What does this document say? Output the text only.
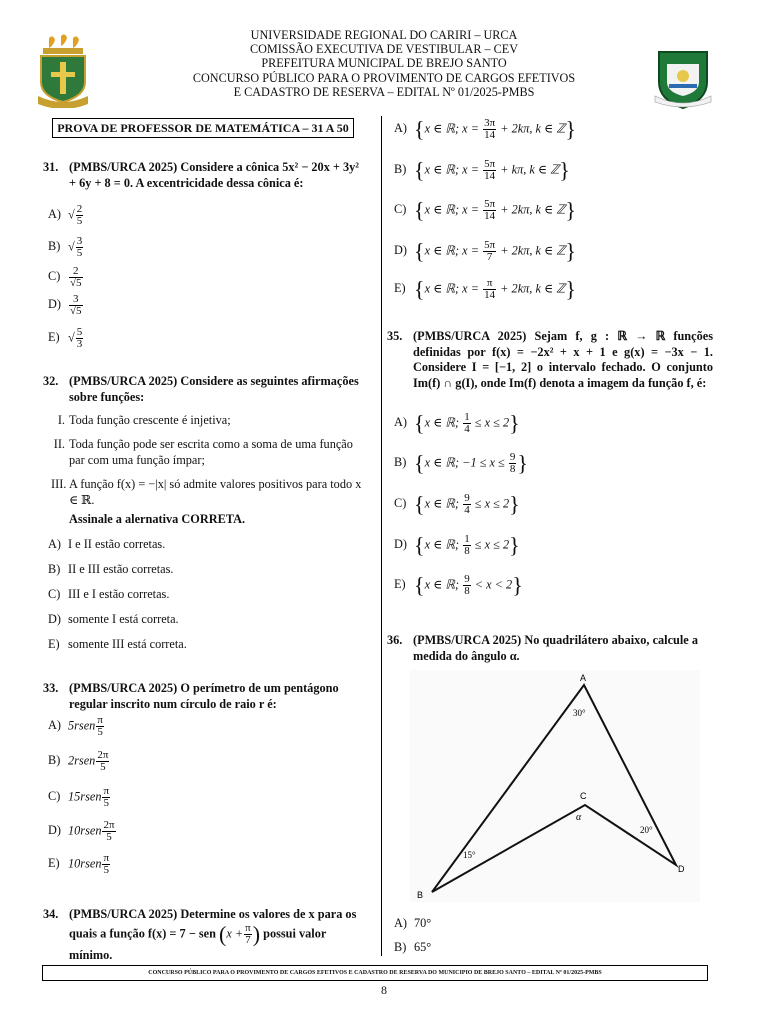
UNIVERSIDADE REGIONAL DO CARIRI – URCA
COMISSÃO EXECUTIVA DE VESTIBULAR – CEV
PREFEITURA MUNICIPAL DE BREJO SANTO
CONCURSO PÚBLICO PARA O PROVIMENTO DE CARGOS EFETIVOS
E CADASTRO DE RESERVA – EDITAL Nº 01/2025-PMBS
PROVA DE PROFESSOR DE MATEMÁTICA – 31 A 50
31. (PMBS/URCA 2025) Considere a cônica 5x² − 20x + 3y² + 6y + 8 = 0. A excentricidade dessa cônica é:
A) √ $\frac{2}{5}$
B) √ $\frac{3}{5}$
$C) \frac{2}{√5}$
$D) \frac{3}{√5}$
E) √ $\frac{5}{3}$
32. (PMBS/URCA 2025) Considere as seguintes afirmações sobre funções:
I. Toda função crescente é injetiva;
II. Toda função pode ser escrita como a soma de uma função par com uma função ímpar;
III. A função f(x) = −|x| só admite valores positivos para todo x ∈ ℝ.
Assinale a alernativa CORRETA.
A) I e II estão corretas.
B) II e III estão corretas.
C) III e I estão corretas.
D) somente I está correta.
E) somente III está correta.
33. (PMBS/URCA 2025) O perímetro de um pentágono regular inscrito num círculo de raio r é:
A) 5rsen $\frac{\pi}{5}$
B) 2rsen $\frac{2\pi}{5}$
C) 15rsen $\frac{\pi}{5}$
D) 10rsen $\frac{2\pi}{5}$
E) 10rsen $\frac{\pi}{5}$
34. (PMBS/URCA 2025) Determine os valores de x para os quais a função f(x) = 7 − sen ($x + \frac{\pi}{7}$ ) possui valor mínimo.
A) {x ∈ ℝ; $x = \frac{3\pi}{14} + 2k\pi$, k ∈ ℤ}
B) {x ∈ ℝ; $x = \frac{5\pi}{14} + k\pi$, k ∈ ℤ}
C) {x ∈ ℝ; $x = \frac{5\pi}{14} + 2k\pi$, k ∈ ℤ}
D) {x ∈ ℝ; $x = \frac{5\pi}{7} + 2k\pi$, k ∈ ℤ}
E) {x ∈ ℝ; $x = \frac{\pi}{14} + 2k\pi$, k ∈ ℤ}
35. (PMBS/URCA 2025) Sejam f, g : ℝ → ℝ funções definidas por f(x) = −2x² + x + 1 e g(x) = −3x − 1. Considere I = [−1, 2] o intervalo fechado. O conjunto Im(f) ∩ g(I), onde Im(f) denota a imagem da função f, é:
A) {x ∈ ℝ; $\frac{1}{4} \le x \le 2$}
B) {x ∈ ℝ; $-1 \le x \le \frac{9}{8}$ }
C) {x ∈ ℝ; $\frac{9}{4} \le x \le 2$}
D) {x ∈ ℝ; $\frac{1}{8} \le x \le 2$}
E) {x ∈ ℝ; $\frac{9}{8} < x < 2$}
36. (PMBS/URCA 2025) No quadrilátero abaixo, calcule a medida do ângulo α.
A
B
C
D
30°
15°
20°
α
A) 70°
B) 65°
CONCURSO PÚBLICO PARA O PROVIMENTO DE CARGOS EFETIVOS E CADASTRO DE RESERVA DO MUNICIPIO DE BREJO SANTO – EDITAL Nº 01/2025-PMBS
8
